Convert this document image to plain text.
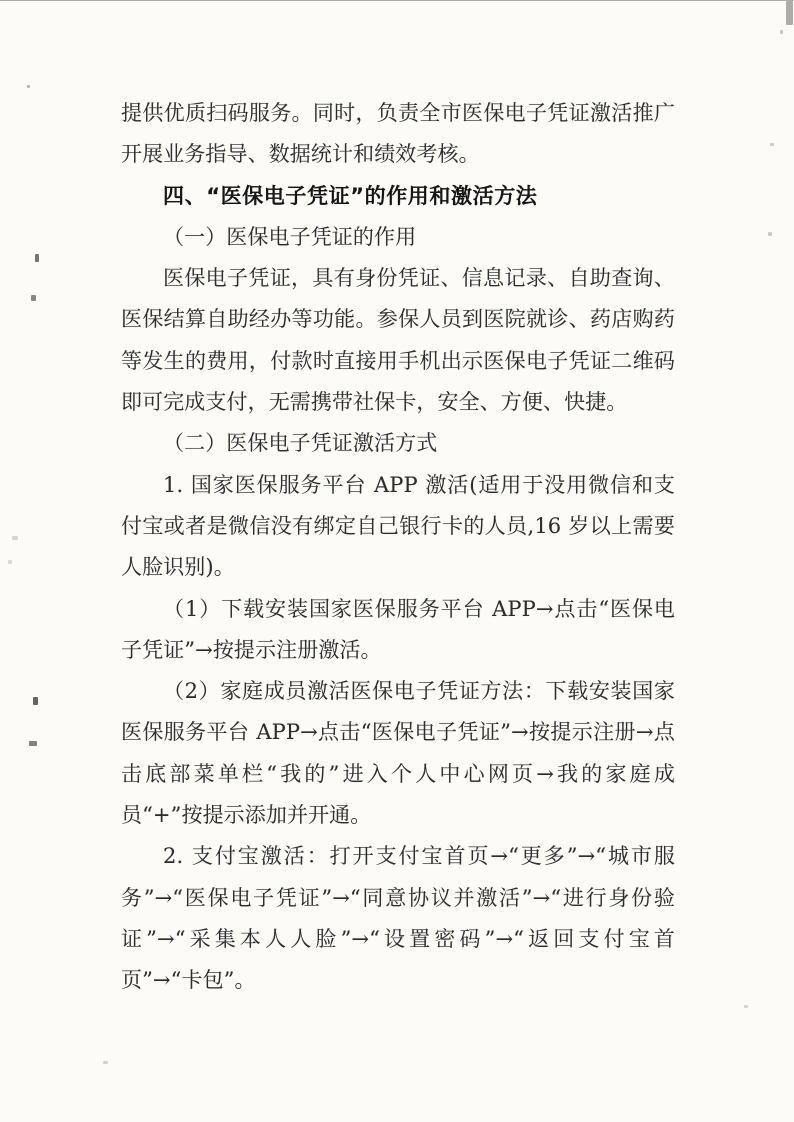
提供优质扫码服务。同时，负责全市医保电子凭证激活推广开展业务指导、数据统计和绩效考核。

四、“医保电子凭证”的作用和激活方法

（一）医保电子凭证的作用

医保电子凭证，具有身份凭证、信息记录、自助查询、医保结算自助经办等功能。参保人员到医院就诊、药店购药等发生的费用，付款时直接用手机出示医保电子凭证二维码即可完成支付，无需携带社保卡，安全、方便、快捷。

（二）医保电子凭证激活方式

1. 国家医保服务平台 APP 激活(适用于没用微信和支付宝或者是微信没有绑定自己银行卡的人员,16 岁以上需要人脸识别)。

（1）下载安装国家医保服务平台 APP→点击“医保电子凭证”→按提示注册激活。

（2）家庭成员激活医保电子凭证方法：下载安装国家医保服务平台 APP→点击“医保电子凭证”→按提示注册→点击底部菜单栏“我的”进入个人中心网页→我的家庭成员“+”按提示添加并开通。

2. 支付宝激活：打开支付宝首页→“更多”→“城市服务”→“医保电子凭证”→“同意协议并激活”→“进行身份验证”→“采集本人人脸”→“设置密码”→“返回支付宝首页”→“卡包”。
